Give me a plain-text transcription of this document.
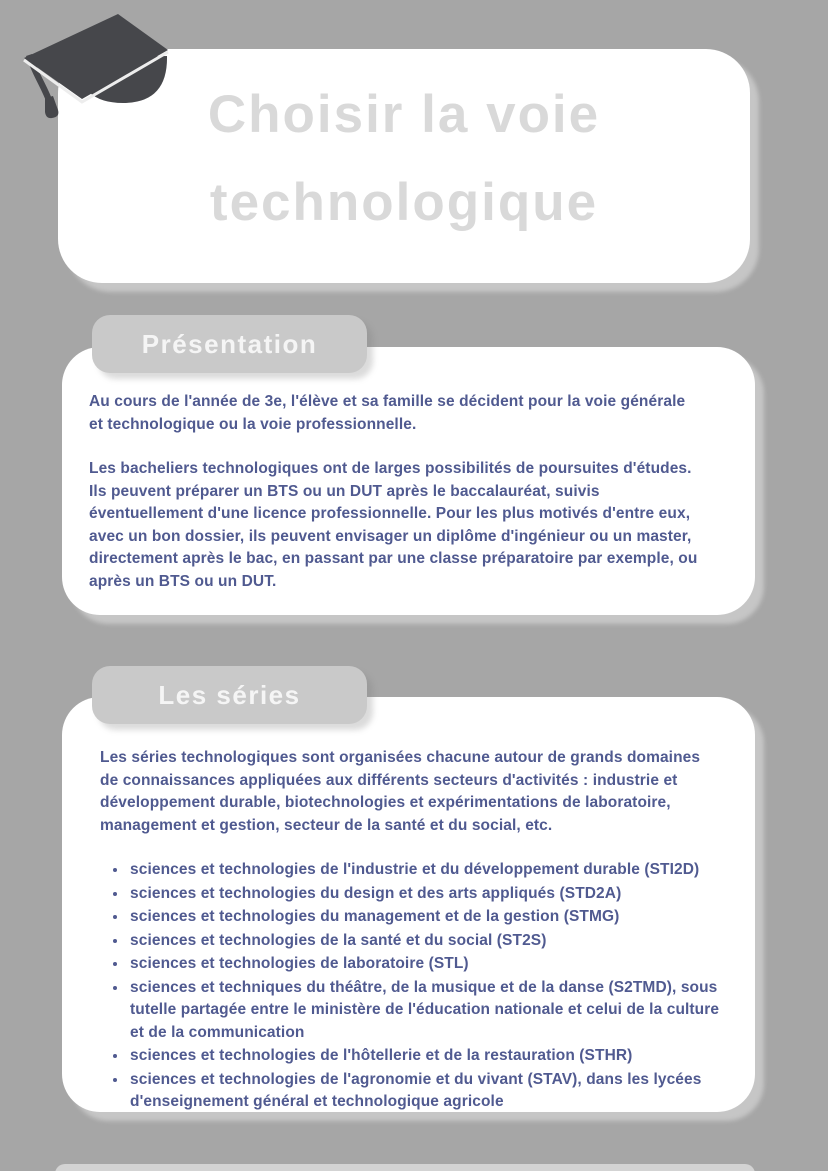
Choisir la voie
technologique
Présentation

Au cours de l'année de 3e, l'élève et sa famille se décident pour la voie générale et technologique ou la voie professionnelle.

Les bacheliers technologiques ont de larges possibilités de poursuites d'études. Ils peuvent préparer un BTS ou un DUT après le baccalauréat, suivis éventuellement d'une licence professionnelle. Pour les plus motivés d'entre eux, avec un bon dossier, ils peuvent envisager un diplôme d'ingénieur ou un master, directement après le bac, en passant par une classe préparatoire par exemple, ou après un BTS ou un DUT.

Les séries

Les séries technologiques sont organisées chacune autour de grands domaines de connaissances appliquées aux différents secteurs d'activités : industrie et développement durable, biotechnologies et expérimentations de laboratoire, management et gestion, secteur de la santé et du social, etc.

• sciences et technologies de l'industrie et du développement durable (STI2D)
• sciences et technologies du design et des arts appliqués (STD2A)
• sciences et technologies du management et de la gestion (STMG)
• sciences et technologies de la santé et du social (ST2S)
• sciences et technologies de laboratoire (STL)
• sciences et techniques du théâtre, de la musique et de la danse (S2TMD), sous tutelle partagée entre le ministère de l'éducation nationale et celui de la culture et de la communication
• sciences et technologies de l'hôtellerie et de la restauration (STHR)
• sciences et technologies de l'agronomie et du vivant (STAV), dans les lycées d'enseignement général et technologique agricole
